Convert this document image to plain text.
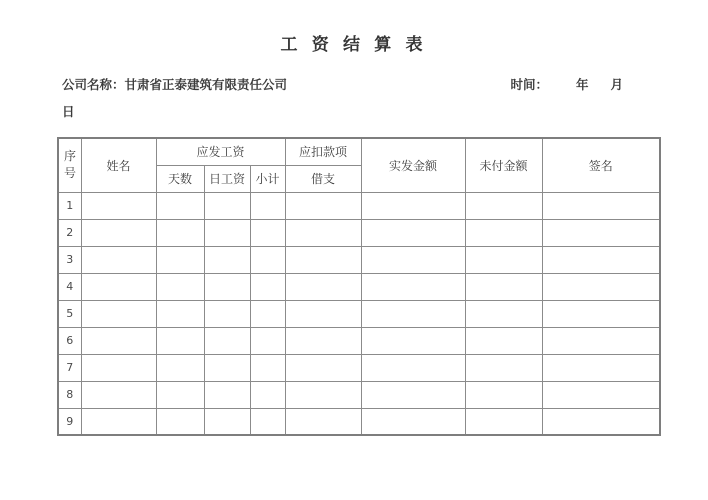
工 资 结 算 表
公司名称：甘肃省正泰建筑有限责任公司	时间： 年 月
日
序号	姓名	应发工资			应扣款项	实发金额	未付金额	签名
		天数	日工资	小计	借支			
1								
2								
3								
4								
5								
6								
7								
8								
9								
